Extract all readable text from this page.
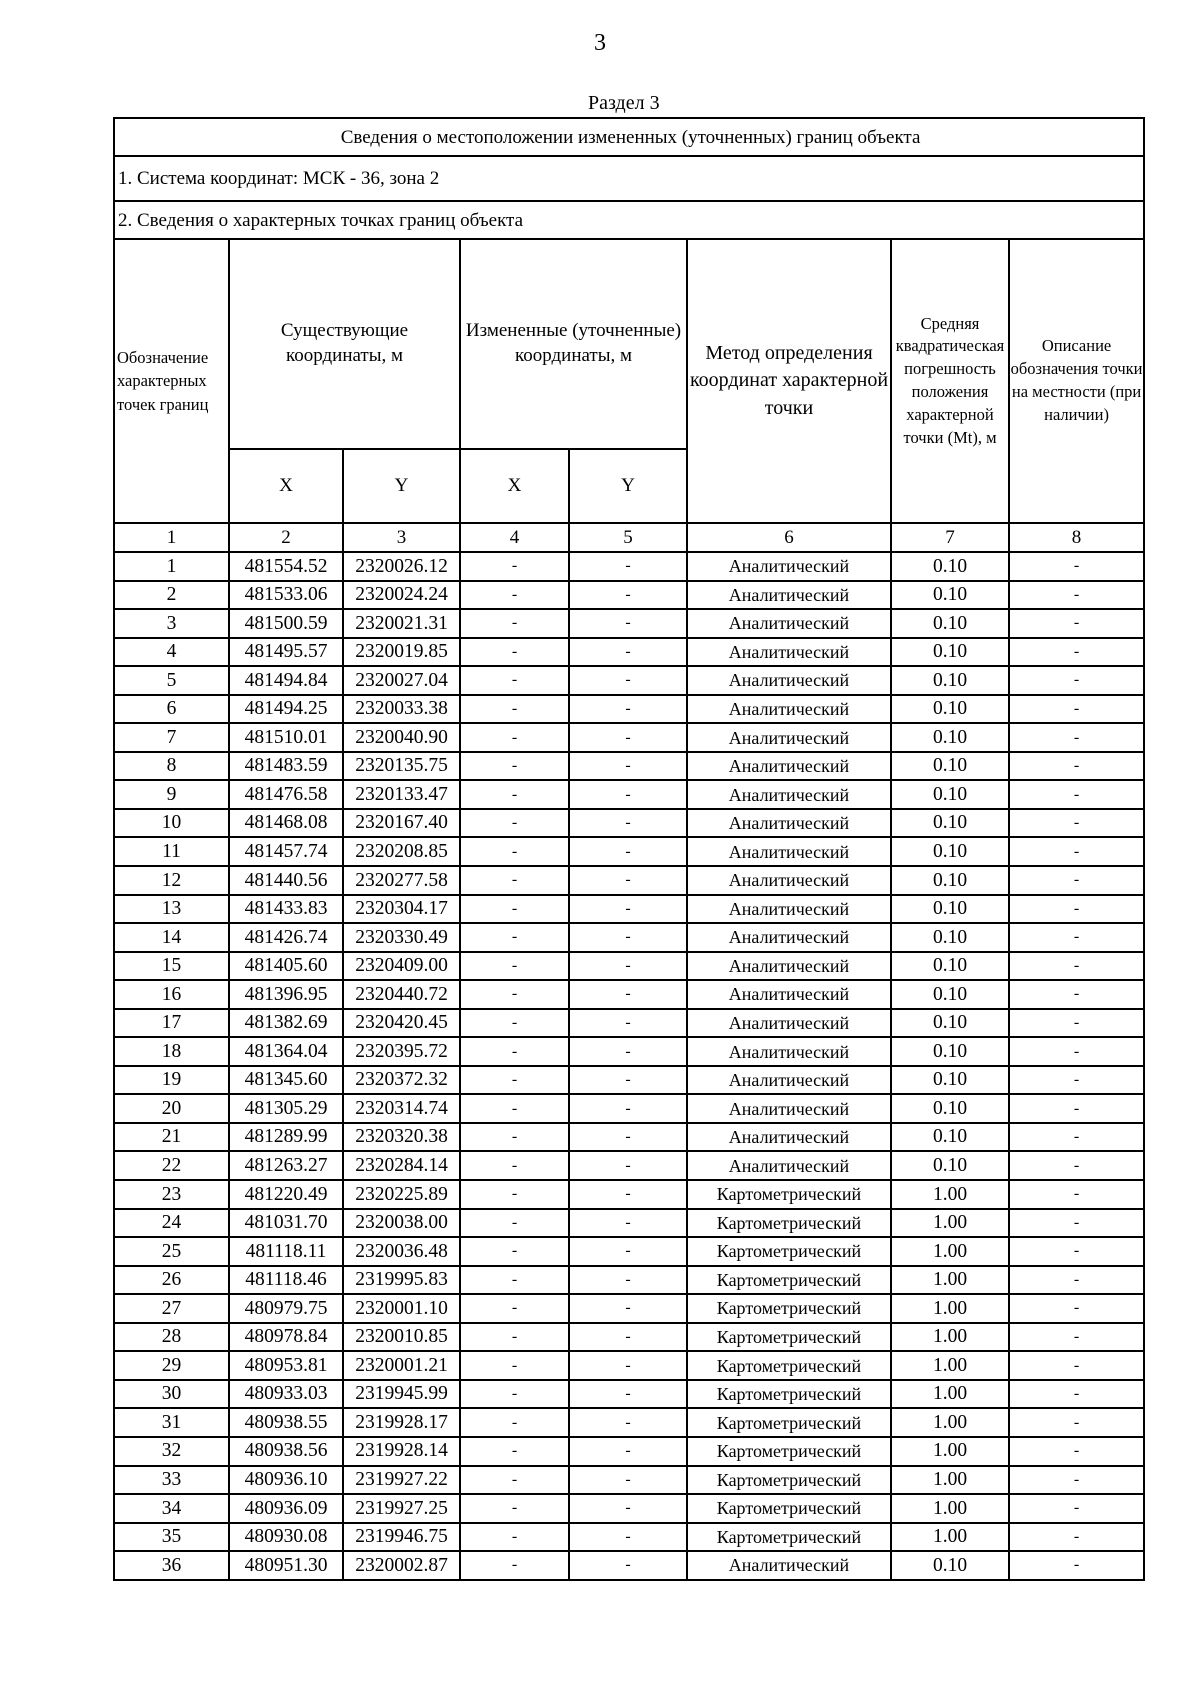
3
Раздел 3
Сведения о местоположении измененных (уточненных) границ объекта							
1. Система координат: МСК - 36, зона 2							
2. Сведения о характерных точках границ объекта							
Обозначение характерных точек границ	Существующие координаты, м		Измененные (уточненные) координаты, м		Метод определения координат характерной точки	Средняя квадратическая погрешность положения характерной точки (Mt), м	Описание обозначения точки на местности (при наличии)
	X	Y	X	Y			
1	2	3	4	5	6	7	8
1	481554.52	2320026.12	-	-	Аналитический	0.10	-
2	481533.06	2320024.24	-	-	Аналитический	0.10	-
3	481500.59	2320021.31	-	-	Аналитический	0.10	-
4	481495.57	2320019.85	-	-	Аналитический	0.10	-
5	481494.84	2320027.04	-	-	Аналитический	0.10	-
6	481494.25	2320033.38	-	-	Аналитический	0.10	-
7	481510.01	2320040.90	-	-	Аналитический	0.10	-
8	481483.59	2320135.75	-	-	Аналитический	0.10	-
9	481476.58	2320133.47	-	-	Аналитический	0.10	-
10	481468.08	2320167.40	-	-	Аналитический	0.10	-
11	481457.74	2320208.85	-	-	Аналитический	0.10	-
12	481440.56	2320277.58	-	-	Аналитический	0.10	-
13	481433.83	2320304.17	-	-	Аналитический	0.10	-
14	481426.74	2320330.49	-	-	Аналитический	0.10	-
15	481405.60	2320409.00	-	-	Аналитический	0.10	-
16	481396.95	2320440.72	-	-	Аналитический	0.10	-
17	481382.69	2320420.45	-	-	Аналитический	0.10	-
18	481364.04	2320395.72	-	-	Аналитический	0.10	-
19	481345.60	2320372.32	-	-	Аналитический	0.10	-
20	481305.29	2320314.74	-	-	Аналитический	0.10	-
21	481289.99	2320320.38	-	-	Аналитический	0.10	-
22	481263.27	2320284.14	-	-	Аналитический	0.10	-
23	481220.49	2320225.89	-	-	Картометрический	1.00	-
24	481031.70	2320038.00	-	-	Картометрический	1.00	-
25	481118.11	2320036.48	-	-	Картометрический	1.00	-
26	481118.46	2319995.83	-	-	Картометрический	1.00	-
27	480979.75	2320001.10	-	-	Картометрический	1.00	-
28	480978.84	2320010.85	-	-	Картометрический	1.00	-
29	480953.81	2320001.21	-	-	Картометрический	1.00	-
30	480933.03	2319945.99	-	-	Картометрический	1.00	-
31	480938.55	2319928.17	-	-	Картометрический	1.00	-
32	480938.56	2319928.14	-	-	Картометрический	1.00	-
33	480936.10	2319927.22	-	-	Картометрический	1.00	-
34	480936.09	2319927.25	-	-	Картометрический	1.00	-
35	480930.08	2319946.75	-	-	Картометрический	1.00	-
36	480951.30	2320002.87	-	-	Аналитический	0.10	-
